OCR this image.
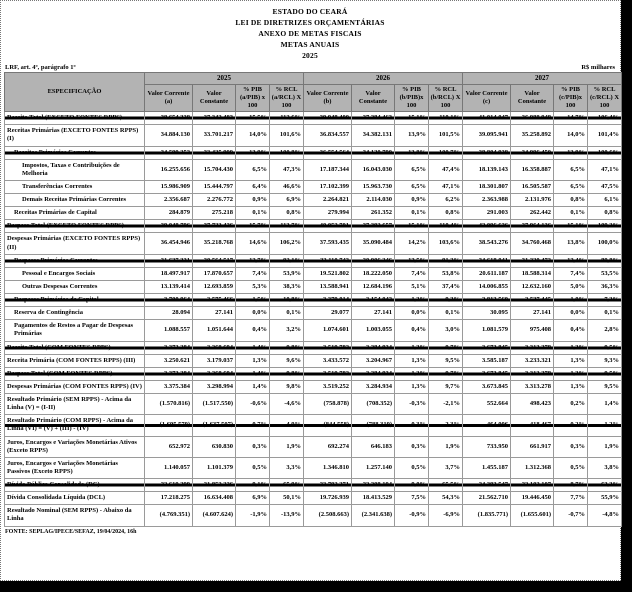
ESTADO DO CEARÁ
LEI DE DIRETRIZES ORÇAMENTÁRIAS
ANEXO DE METAS FISCAIS
METAS ANUAIS
2025
LRF, art. 4º, parágrafo 1º	R$ milhares
ESPECIFICAÇÃO	2025				2026				2027			
	Valor Corrente (a)	Valor Constante	% PIB (a/PIB) x 100	% RCL (a/RCL) X 100	Valor Corrente (b)	Valor Constante	% PIB (b/PIB)x 100	% RCL (b/RCL) X 100	Valor Corrente (c)	Valor Constante	% PIB (c/PIB)x 100	% RCL (c/RCL) X 100
Receita Total (EXCETO FONTES RPPS)	38.654.338	37.342.483	15,5%	112,6%	39.948.400	37.284.463	15,1%	110,1%	41.014.047	36.988.948	14,7%	106,4%
Receitas Primárias (EXCETO FONTES RPPS) (I)	34.884.130	33.701.217	14,0%	101,6%	36.834.557	34.382.131	13,9%	101,5%	39.095.941	35.258.892	14,0%	101,4%
Receitas Primárias Correntes	34.599.252	33.425.999	13,9%	100,8%	36.554.564	34.120.790	13,8%	100,7%	38.804.938	34.996.450	13,9%	100,6%
Impostos, Taxas e Contribuições de Melhoria	16.255.656	15.704.430	6,5%	47,3%	17.187.344	16.043.030	6,5%	47,4%	18.139.143	16.358.887	6,5%	47,1%
Transferências Correntes	15.986.909	15.444.797	6,4%	46,6%	17.102.399	15.963.730	6,5%	47,1%	18.301.807	16.505.587	6,5%	47,5%
Demais Receitas Primárias Correntes	2.356.687	2.276.772	0,9%	6,9%	2.264.821	2.114.030	0,9%	6,2%	2.363.988	2.131.976	0,8%	6,1%
Receitas Primárias de Capital	284.879	275.218	0,1%	0,8%	279.994	261.352	0,1%	0,8%	291.003	262.442	0,1%	0,8%
Despesa Total (EXCETO FONTES RPPS)	39.048.796	37.723.426	15,7%	113,7%	40.052.701	37.392.657	15,1%	110,4%	42.096.626	37.964.136	15,1%	109,2%
Despesas Primárias (EXCETO FONTES RPPS) (II)	36.454.946	35.218.768	14,6%	106,2%	37.593.435	35.090.484	14,2%	103,6%	38.543.276	34.760.468	13,8%	100,0%
Despesas Primárias Correntes	31.637.331	30.564.517	12,7%	92,1%	33.110.743	30.906.246	12,5%	91,2%	34.618.041	31.220.473	12,4%	89,8%
Pessoal e Encargos Sociais	18.497.917	17.870.657	7,4%	53,9%	19.521.802	18.222.050	7,4%	53,8%	20.611.187	18.588.314	7,4%	53,5%
Outras Despesas Correntes	13.139.414	12.693.859	5,3%	38,3%	13.588.941	12.684.196	5,1%	37,4%	14.006.855	12.632.160	5,0%	36,3%
Despesas Primárias de Capital	3.700.964	3.575.466	1,5%	10,8%	3.379.014	3.154.042	1,3%	9,3%	2.813.560	2.537.445	1,0%	7,3%
Reserva de Contingência	28.094	27.141	0,0%	0,1%	29.077	27.141	0,0%	0,1%	30.095	27.141	0,0%	0,1%
Pagamentos de Restos a Pagar de Despesas Primárias	1.088.557	1.051.644	0,4%	3,2%	1.074.601	1.003.055	0,4%	3,0%	1.081.579	975.408	0,4%	2,8%
Receita Total (COM FONTES RPPS)	3.373.284	3.268.694	1,4%	9,8%	3.519.782	3.284.934	1,3%	9,7%	3.673.845	3.313.278	1,3%	9,5%
Receita Primária (COM FONTES RPPS) (III)	3.250.621	3.179.037	1,3%	9,6%	3.433.572	3.204.967	1,3%	9,5%	3.585.187	3.233.321	1,3%	9,3%
Despesa Total (COM FONTES RPPS)	3.373.284	3.268.694	1,4%	9,8%	3.519.782	3.284.934	1,3%	9,7%	3.673.845	3.313.278	1,3%	9,5%
Despesas Primárias (COM FONTES RPPS) (IV)	3.375.384	3.298.994	1,4%	9,8%	3.519.252	3.284.934	1,3%	9,7%	3.673.845	3.313.278	1,3%	9,5%
Resultado Primário (SEM RPPS) - Acima da Linha (V) = (I-II)	(1.570.816)	(1.517.550)	-0,6%	-4,6%	(758.878)	(708.352)	-0,3%	-2,1%	552.664	498.423	0,2%	1,4%
Resultado Primário (COM RPPS) - Acima da Linha (VI) = (V) + (III) - (IV)	(1.695.579)	(1.637.507)	-0,7%	-4,9%	(844.558)	(788.319)	-0,3%	-2,3%	464.006	418.467	0,2%	1,2%
Juros, Encargos e Variações Monetárias Ativos (Exceto RPPS)	652.972	630.830	0,3%	1,9%	692.274	646.183	0,3%	1,9%	733.950	661.917	0,3%	1,9%
Juros, Encargos e Variações Monetárias Passivos (Exceto RPPS)	1.140.057	1.101.379	0,5%	3,3%	1.346.810	1.257.140	0,5%	3,7%	1.455.187	1.312.368	0,5%	3,8%
Dívida Pública Consolidada (DC)	22.619.299	21.852.226	9,1%	65,9%	23.792.271	22.208.194	9,0%	65,5%	24.393.547	22.102.107	8,7%	63,3%
Dívida Consolidada Líquida (DCL)	17.218.275	16.634.408	6,9%	50,1%	19.726.939	18.413.529	7,5%	54,3%	21.562.710	19.446.450	7,7%	55,9%
Resultado Nominal (SEM RPPS) - Abaixo da Linha	(4.769.351)	(4.607.624)	-1,9%	-13,9%	(2.508.663)	(2.341.638)	-0,9%	-6,9%	(1.835.771)	(1.655.601)	-0,7%	-4,8%
FONTE: SEPLAG/IPECE/SEFAZ, 19/04/2024, 16h
